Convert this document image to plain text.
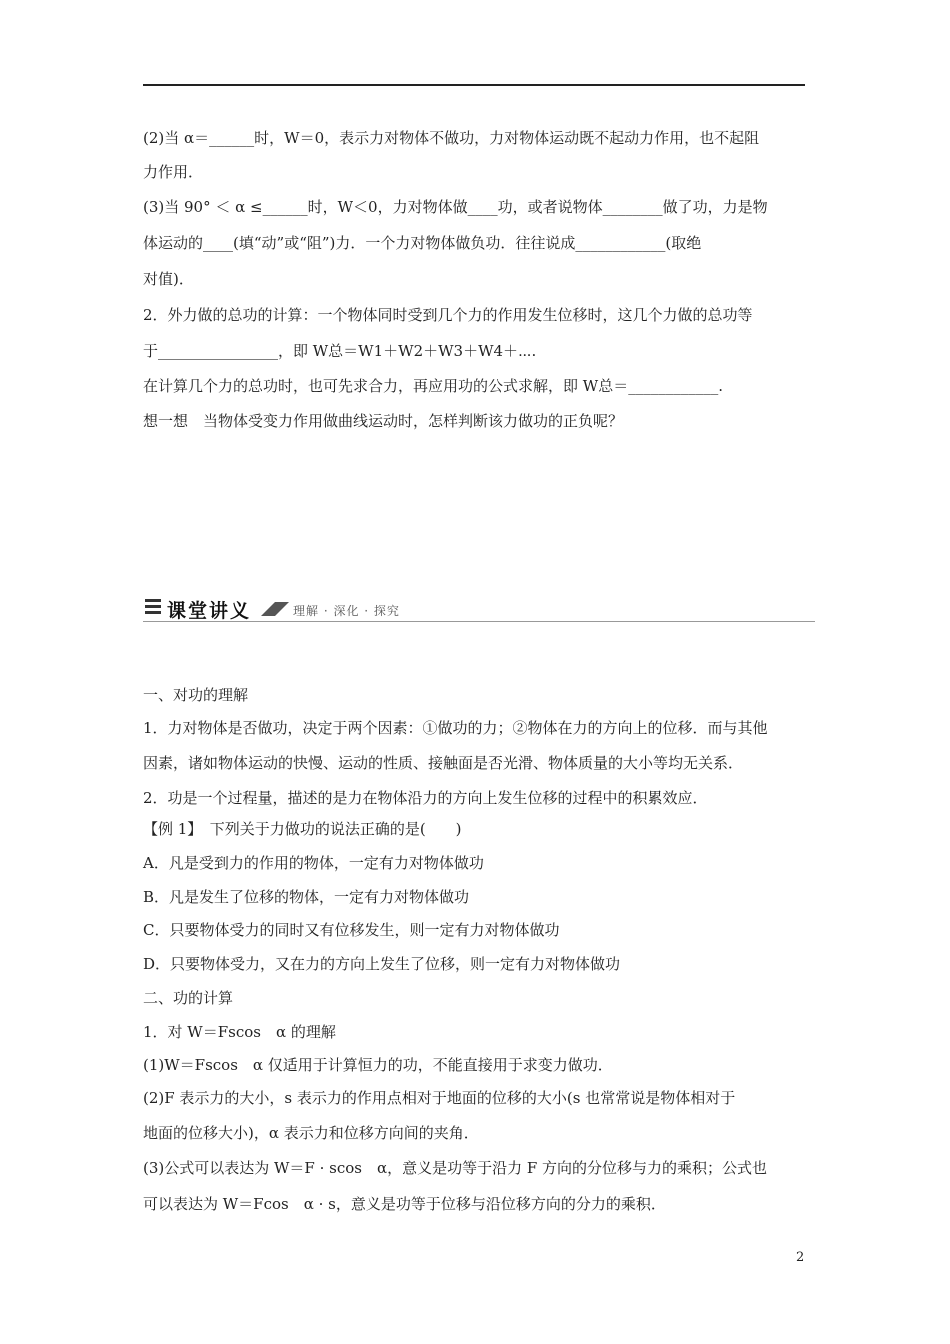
(2)当 α＝______时，W＝0，表示力对物体不做功，力对物体运动既不起动力作用，也不起阻
力作用．
(3)当 90° ＜ α ≤______时，W＜0，力对物体做____功，或者说物体________做了功，力是物
体运动的____(填“动”或“阻”)力．一个力对物体做负功．往往说成____________(取绝
对值)．
2．外力做的总功的计算：一个物体同时受到几个力的作用发生位移时，这几个力做的总功等
于________________，即 W总＝W1＋W2＋W3＋W4＋⋯.
在计算几个力的总功时，也可先求合力，再应用功的公式求解，即 W总＝____________.
想一想　当物体受变力作用做曲线运动时，怎样判断该力做功的正负呢？
课堂讲义	理解 · 深化 · 探究
一、对功的理解
1．力对物体是否做功，决定于两个因素：①做功的力；②物体在力的方向上的位移．而与其他
因素，诸如物体运动的快慢、运动的性质、接触面是否光滑、物体质量的大小等均无关系．
2．功是一个过程量，描述的是力在物体沿力的方向上发生位移的过程中的积累效应．
【例 1】　下列关于力做功的说法正确的是(　　)
A．凡是受到力的作用的物体，一定有力对物体做功
B．凡是发生了位移的物体，一定有力对物体做功
C．只要物体受力的同时又有位移发生，则一定有力对物体做功
D．只要物体受力，又在力的方向上发生了位移，则一定有力对物体做功
二、功的计算
1．对 W＝Fscos　α 的理解
(1)W＝Fscos　α 仅适用于计算恒力的功，不能直接用于求变力做功．
(2)F 表示力的大小，s 表示力的作用点相对于地面的位移的大小(s 也常常说是物体相对于
地面的位移大小)，α 表示力和位移方向间的夹角．
(3)公式可以表达为 W＝F · scos　α，意义是功等于沿力 F 方向的分位移与力的乘积；公式也
可以表达为 W＝Fcos　α · s，意义是功等于位移与沿位移方向的分力的乘积．
2
